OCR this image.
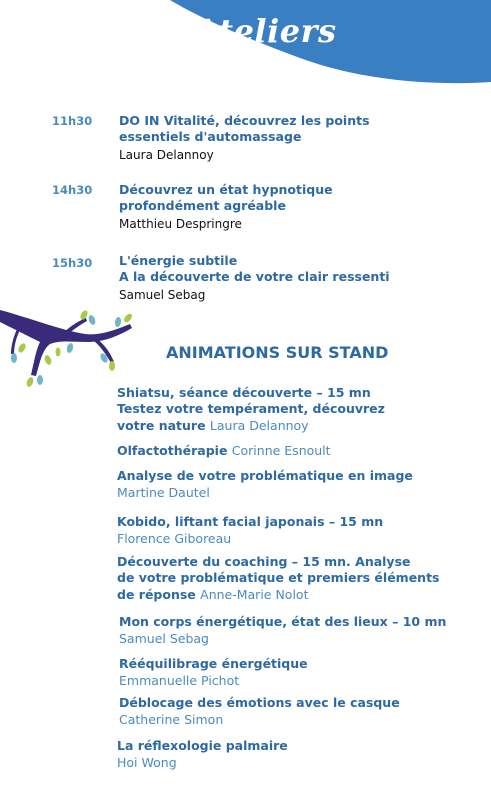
Ateliers
11h30 DO IN Vitalité, découvrez les points
essentiels d'automassage
Laura Delannoy
14h30 Découvrez un état hypnotique
profondément agréable
Matthieu Despringre
15h30 L'énergie subtile
A la découverte de votre clair ressenti
Samuel Sebag
ANIMATIONS SUR STAND
Shiatsu, séance découverte – 15 mn
Testez votre tempérament, découvrez
votre nature Laura Delannoy
Olfactothérapie Corinne Esnoult
Analyse de votre problématique en image
Martine Dautel
Kobido, liftant facial japonais – 15 mn
Florence Giboreau
Découverte du coaching – 15 mn. Analyse
de votre problématique et premiers éléments
de réponse Anne-Marie Nolot
Mon corps énergétique, état des lieux – 10 mn
Samuel Sebag
Rééquilibrage énergétique
Emmanuelle Pichot
Déblocage des émotions avec le casque
Catherine Simon
La réflexologie palmaire
Hoi Wong
